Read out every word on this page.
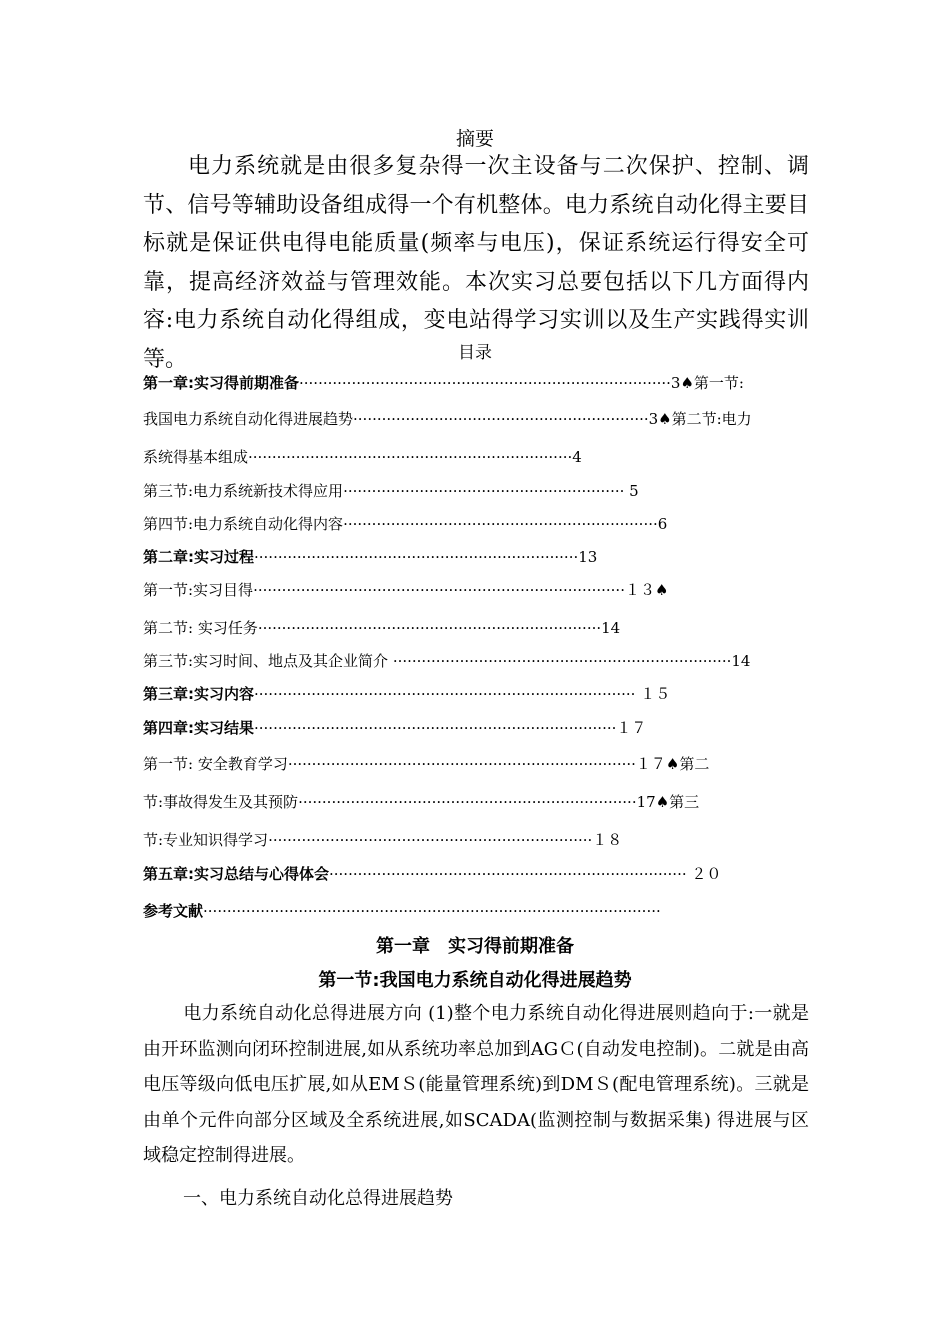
摘要

电力系统就是由很多复杂得一次主设备与二次保护、控制、调节、信号等辅助设备组成得一个有机整体。电力系统自动化得主要目标就是保证供电得电能质量(频率与电压)，保证系统运行得安全可靠，提高经济效益与管理效能。本次实习总要包括以下几方面得内容:电力系统自动化得组成，变电站得学习实训以及生产实践得实训等。	目录
第一章:实习得前期准备··············································································3♠第一节:
我国电力系统自动化得进展趋势······························································3♠第二节:电力
系统得基本组成····································································4
第三节:电力系统新技术得应用··························································· 5
第四节:电力系统自动化得内容··································································6
第二章:实习过程····································································13
第一节:实习目得··············································································１３♠
第二节: 实习任务········································································14
第三节:实习时间、地点及其企业简介 ·······································································14
第三章:实习内容················································································ １５
第四章:实习结果············································································１７
第一节: 安全教育学习·········································································１７♠第二
节:事故得发生及其预防·······································································17♠第三
节:专业知识得学习····································································１８
第五章:实习总结与心得体会··········································································· ２０
参考文献································································································
第一章　实习得前期准备
第一节:我国电力系统自动化得进展趋势

电力系统自动化总得进展方向 (1)整个电力系统自动化得进展则趋向于:一就是由开环监测向闭环控制进展,如从系统功率总加到AGＣ(自动发电控制)。二就是由高电压等级向低电压扩展,如从EMＳ(能量管理系统)到DMＳ(配电管理系统)。三就是由单个元件向部分区域及全系统进展,如SCADA(监测控制与数据采集) 得进展与区域稳定控制得进展。

一、电力系统自动化总得进展趋势
